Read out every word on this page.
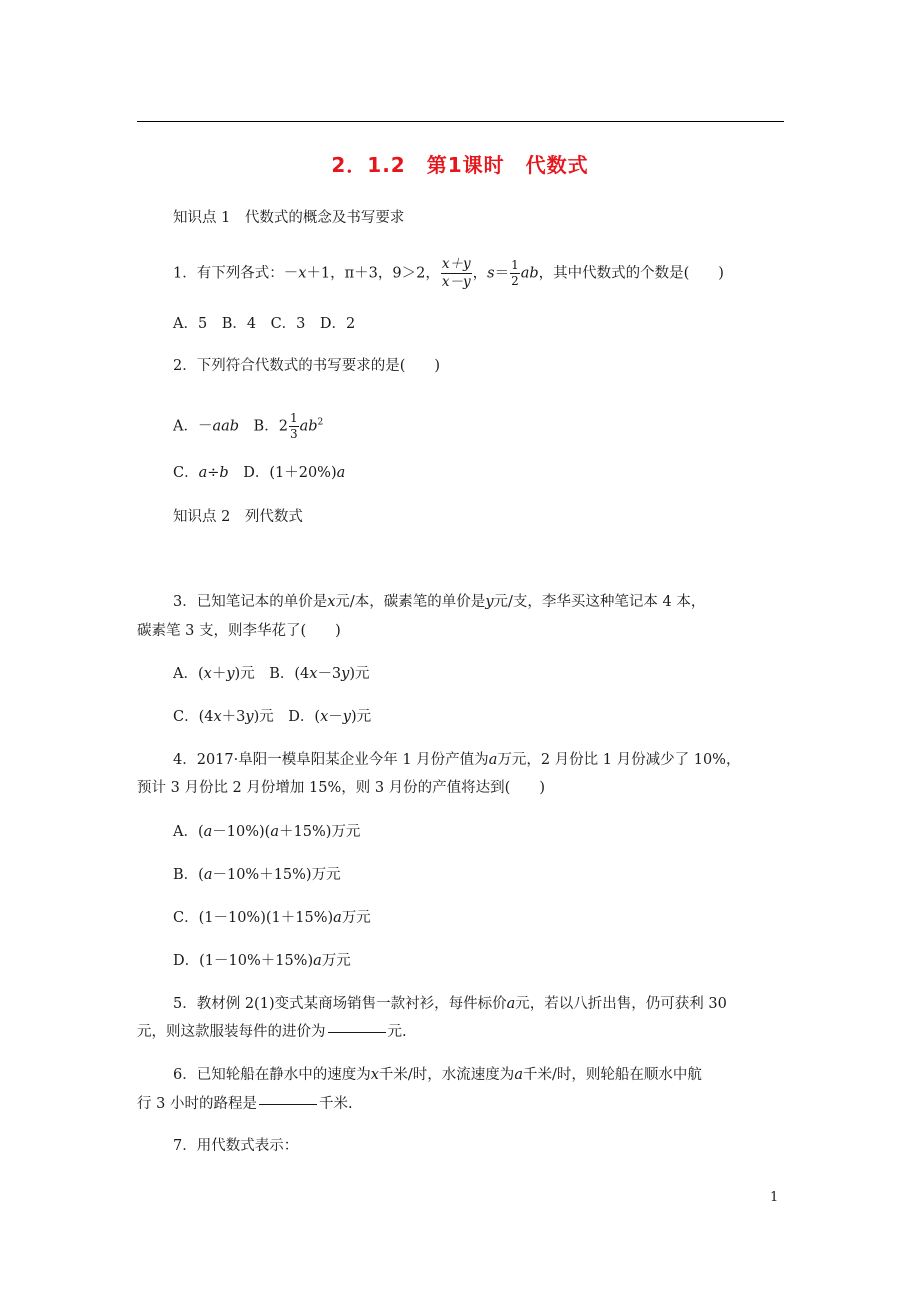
2．1.2　第1课时　代数式
知识点 1　代数式的概念及书写要求
1．有下列各式：－x＋1，π＋3，9＞2， $\frac{x+y}{x-y}$ ，$s= \frac{1}{2}$ ab，其中代数式的个数是(　　)
A．5　B．4　C．3　D．2
2．下列符合代数式的书写要求的是(　　)
A．－aab　B．$2 \frac{1}{3} ab^2$
C．a÷b　D．(1＋20%)a
知识点 2　列代数式
3．已知笔记本的单价是x元/本，碳素笔的单价是y元/支，李华买这种笔记本 4 本，
碳素笔 3 支，则李华花了(　　)
A．(x＋y)元　B．(4x－3y)元
C．(4x＋3y)元　D．(x－y)元
4．2017·阜阳一模阜阳某企业今年 1 月份产值为a万元，2 月份比 1 月份减少了 10%，
预计 3 月份比 2 月份增加 15%，则 3 月份的产值将达到(　　)
A．(a－10%)(a＋15%)万元
B．(a－10%＋15%)万元
C．(1－10%)(1＋15%)a万元
D．(1－10%＋15%)a万元
5．教材例 2(1)变式某商场销售一款衬衫，每件标价a元，若以八折出售，仍可获利 30
元，则这款服装每件的进价为	元.
6．已知轮船在静水中的速度为x千米/时，水流速度为a千米/时，则轮船在顺水中航
行 3 小时的路程是	千米.
7．用代数式表示：
1
